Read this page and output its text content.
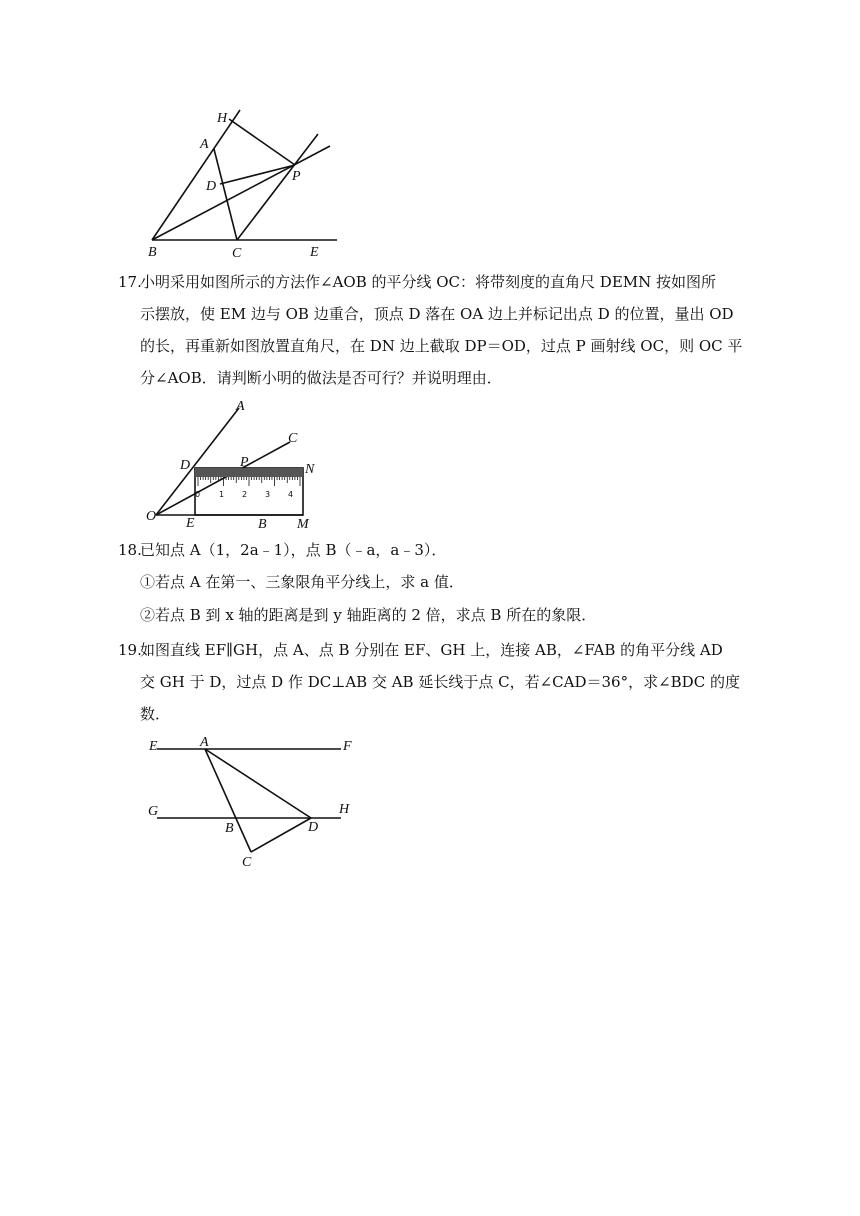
H
A
D
P
B	C	E
17.
小明采用如图所示的方法作∠AOB 的平分线 OC：将带刻度的直角尺 DEMN 按如图所
示摆放，使 EM 边与 OB 边重合，顶点 D 落在 OA 边上并标记出点 D 的位置，量出 OD
的长，再重新如图放置直角尺，在 DN 边上截取 DP＝OD，过点 P 画射线 OC，则 OC 平
分∠AOB．请判断小明的做法是否可行？并说明理由．
0 1 2 3 4
A
C
D	P	N
O E	B M
18.
已知点 A（1，2a﹣1），点 B（﹣a，a﹣3）．
①若点 A 在第一、三象限角平分线上，求 a 值．
②若点 B 到 x 轴的距离是到 y 轴距离的 2 倍，求点 B 所在的象限．
19.
如图直线 EF∥GH，点 A、点 B 分别在 EF、GH 上，连接 AB，∠FAB 的角平分线 AD
交 GH 于 D，过点 D 作 DC⊥AB 交 AB 延长线于点 C，若∠CAD＝36°，求∠BDC 的度
数．
E	A	F
G	H
B	D
C
